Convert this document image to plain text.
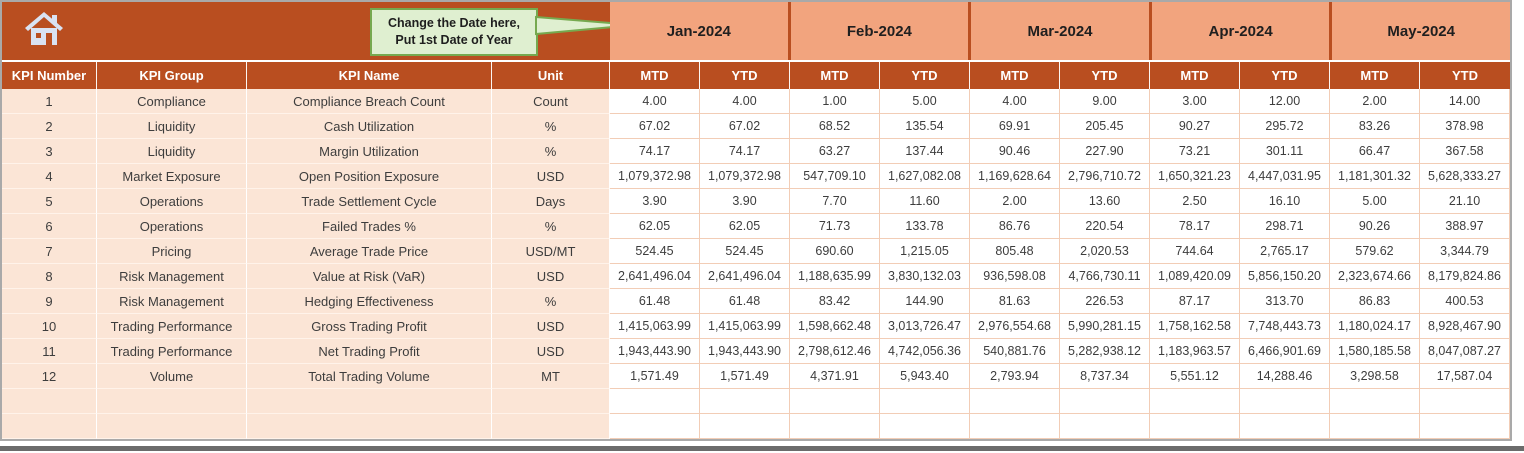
Change the Date here,
Put 1st Date of Year
Jan-2024	Feb-2024	Mar-2024	Apr-2024	May-2024
KPI Number	KPI Group	KPI Name	Unit	MTD	YTD	MTD	YTD	MTD	YTD	MTD	YTD	MTD	YTD
1	Compliance	Compliance Breach Count	Count	4.00	4.00	1.00	5.00	4.00	9.00	3.00	12.00	2.00	14.00
2	Liquidity	Cash Utilization	%	67.02	67.02	68.52	135.54	69.91	205.45	90.27	295.72	83.26	378.98
3	Liquidity	Margin Utilization	%	74.17	74.17	63.27	137.44	90.46	227.90	73.21	301.11	66.47	367.58
4	Market Exposure	Open Position Exposure	USD	1,079,372.98	1,079,372.98	547,709.10	1,627,082.08	1,169,628.64	2,796,710.72	1,650,321.23	4,447,031.95	1,181,301.32	5,628,333.27
5	Operations	Trade Settlement Cycle	Days	3.90	3.90	7.70	11.60	2.00	13.60	2.50	16.10	5.00	21.10
6	Operations	Failed Trades %	%	62.05	62.05	71.73	133.78	86.76	220.54	78.17	298.71	90.26	388.97
7	Pricing	Average Trade Price	USD/MT	524.45	524.45	690.60	1,215.05	805.48	2,020.53	744.64	2,765.17	579.62	3,344.79
8	Risk Management	Value at Risk (VaR)	USD	2,641,496.04	2,641,496.04	1,188,635.99	3,830,132.03	936,598.08	4,766,730.11	1,089,420.09	5,856,150.20	2,323,674.66	8,179,824.86
9	Risk Management	Hedging Effectiveness	%	61.48	61.48	83.42	144.90	81.63	226.53	87.17	313.70	86.83	400.53
10	Trading Performance	Gross Trading Profit	USD	1,415,063.99	1,415,063.99	1,598,662.48	3,013,726.47	2,976,554.68	5,990,281.15	1,758,162.58	7,748,443.73	1,180,024.17	8,928,467.90
11	Trading Performance	Net Trading Profit	USD	1,943,443.90	1,943,443.90	2,798,612.46	4,742,056.36	540,881.76	5,282,938.12	1,183,963.57	6,466,901.69	1,580,185.58	8,047,087.27
12	Volume	Total Trading Volume	MT	1,571.49	1,571.49	4,371.91	5,943.40	2,793.94	8,737.34	5,551.12	14,288.46	3,298.58	17,587.04
